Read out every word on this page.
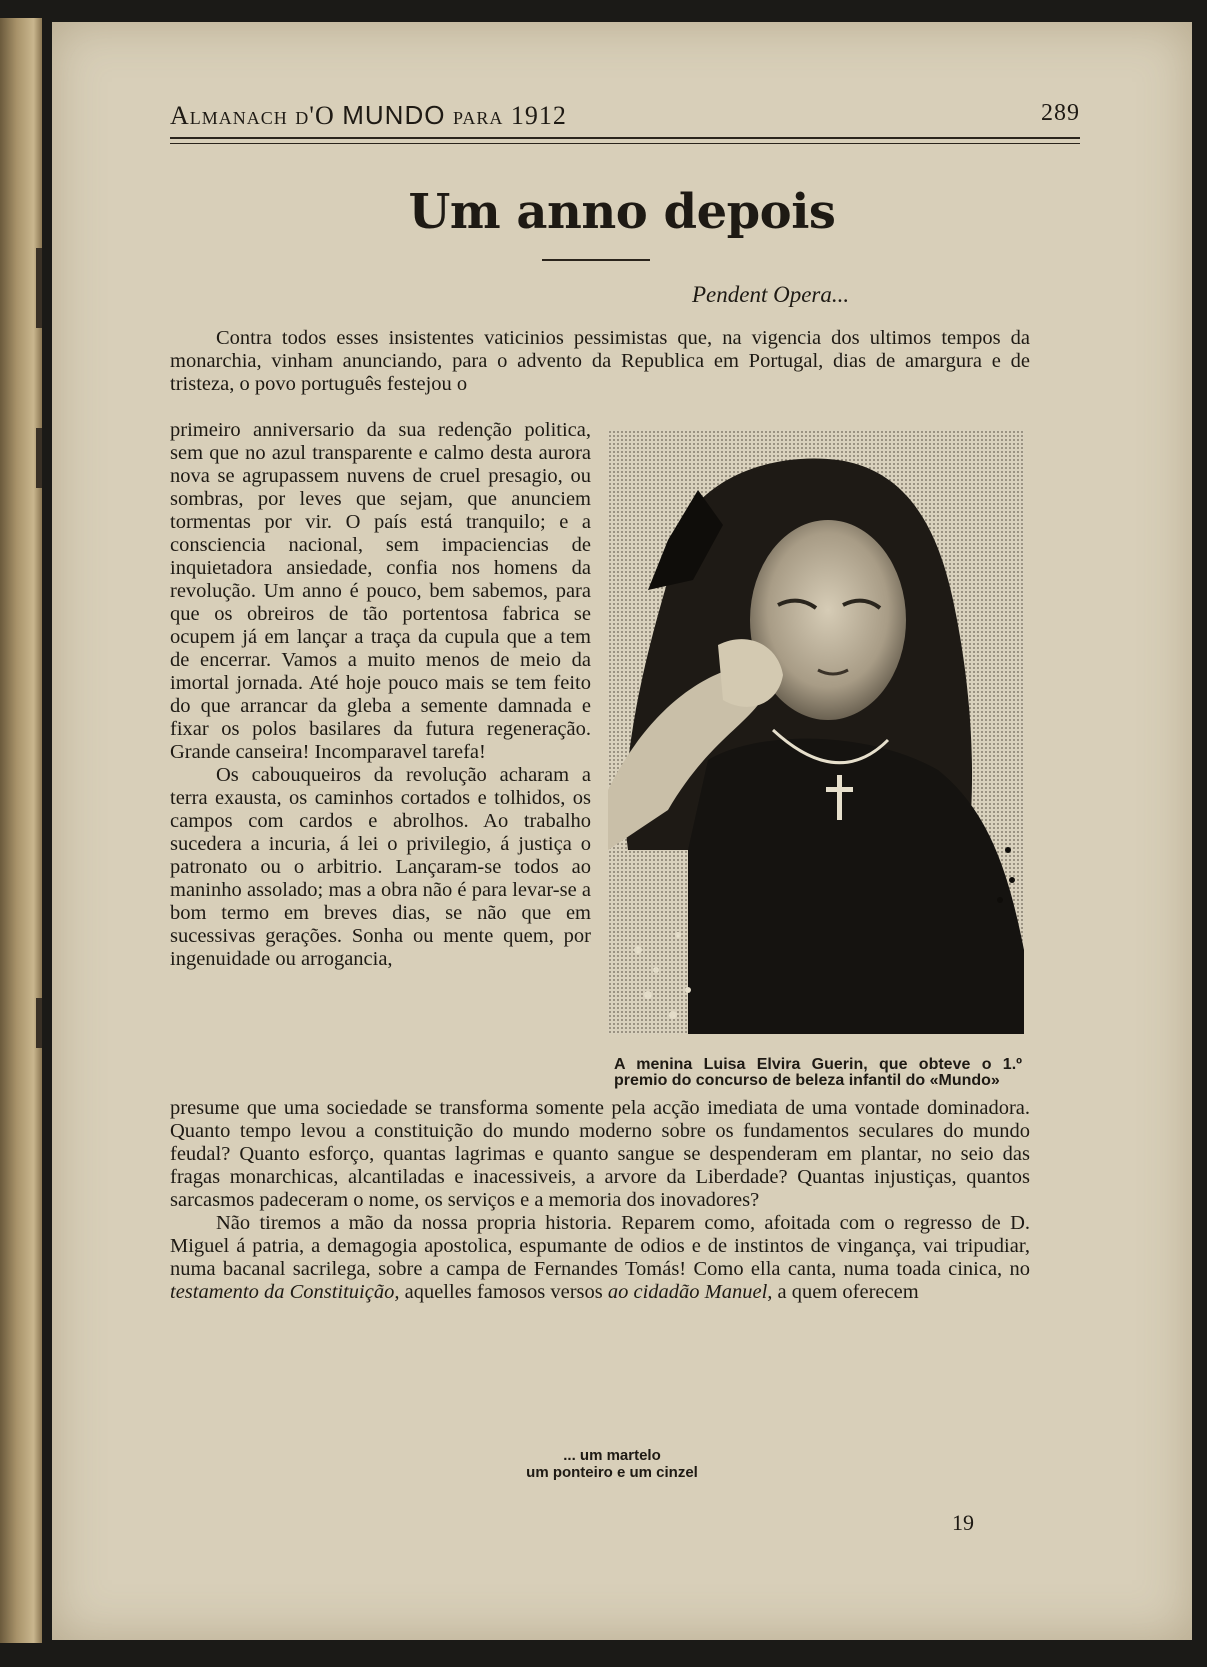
Almanach d'O MUNDO para 1912	289
Um anno depois
Pendent Opera...

Contra todos esses insistentes vaticinios pessimistas que, na vigencia dos ultimos tempos da monarchia, vinham anunciando, para o advento da Republica em Portugal, dias de amargura e de tristeza, o povo português festejou o

primeiro anniversario da sua redenção politica, sem que no azul transparente e calmo desta aurora nova se agrupassem nuvens de cruel presagio, ou sombras, por leves que sejam, que anunciem tormentas por vir. O país está tranquilo; e a consciencia nacional, sem impaciencias de inquietadora ansiedade, confia nos homens da revolução. Um anno é pouco, bem sabemos, para que os obreiros de tão portentosa fabrica se ocupem já em lançar a traça da cupula que a tem de encerrar. Vamos a muito menos de meio da imortal jornada. Até hoje pouco mais se tem feito do que arrancar da gleba a semente damnada e fixar os polos basilares da futura regeneração. Grande canseira! Incomparavel tarefa!

Os cabouqueiros da revolução acharam a terra exausta, os caminhos cortados e tolhidos, os campos com cardos e abrolhos. Ao trabalho sucedera a incuria, á lei o privilegio, á justiça o patronato ou o arbitrio. Lançaram-se todos ao maninho assolado; mas a obra não é para levar-se a bom termo em breves dias, se não que em sucessivas gerações. Sonha ou mente quem, por ingenuidade ou arrogancia,

A menina Luisa Elvira Guerin, que obteve o 1.º premio do concurso de beleza infantil do «Mundo»

presume que uma sociedade se transforma somente pela acção imediata de uma vontade dominadora. Quanto tempo levou a constituição do mundo moderno sobre os fundamentos seculares do mundo feudal? Quanto esforço, quantas lagrimas e quanto sangue se despenderam em plantar, no seio das fragas monarchicas, alcantiladas e inacessiveis, a arvore da Liberdade? Quantas injustiças, quantos sarcasmos padeceram o nome, os serviços e a memoria dos inovadores?

Não tiremos a mão da nossa propria historia. Reparem como, afoitada com o regresso de D. Miguel á patria, a demagogia apostolica, espumante de odios e de instintos de vingança, vai tripudiar, numa bacanal sacrilega, sobre a campa de Fernandes Tomás! Como ella canta, numa toada cinica, no testamento da Constituição, aquelles famosos versos ao cidadão Manuel, a quem oferecem

... um martelo
um ponteiro e um cinzel
19
